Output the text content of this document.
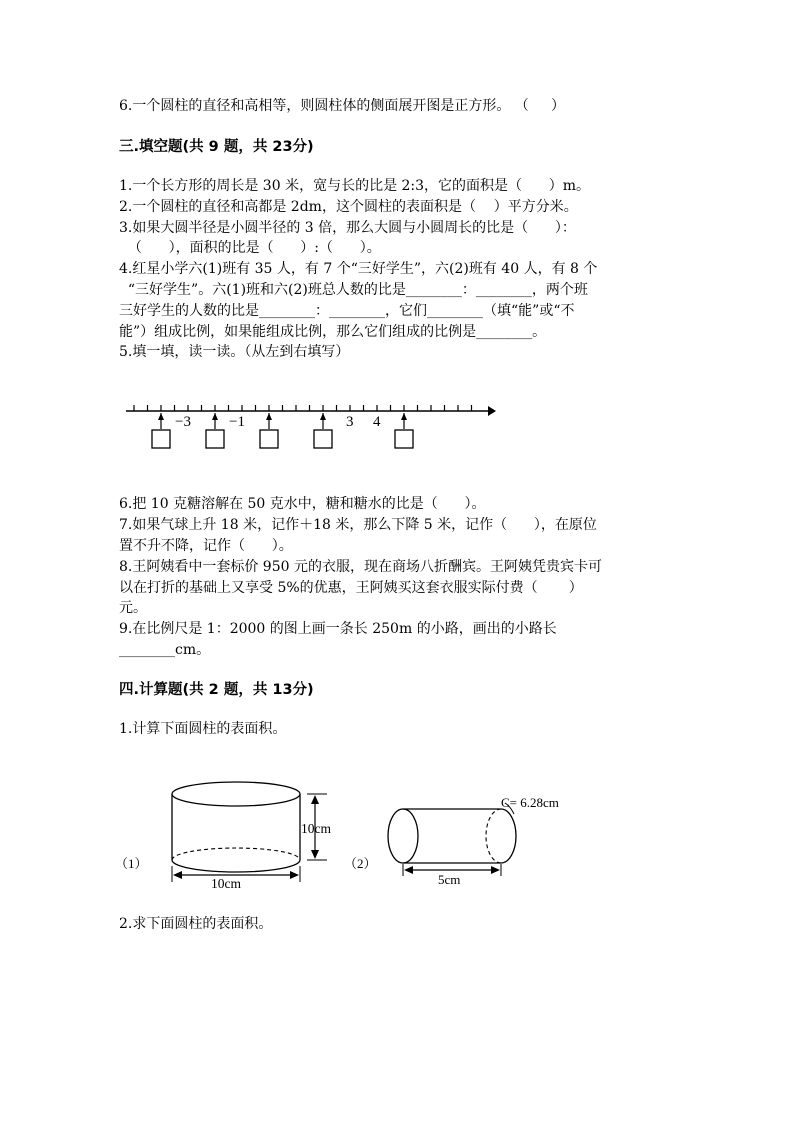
6.一个圆柱的直径和高相等，则圆柱体的侧面展开图是正方形。 （     ）
三.填空题(共 9 题，共 23分)
1.一个长方形的周长是 30 米，宽与长的比是 2:3，它的面积是（      ）m。
2.一个圆柱的直径和高都是 2dm，这个圆柱的表面积是（    ）平方分米。
3.如果大圆半径是小圆半径的 3 倍，那么大圆与小圆周长的比是（      ）：
（      ），面积的比是（      ）:（      ）。
4.红星小学六(1)班有 35 人，有 7 个“三好学生”，六(2)班有 40 人，有 8 个
“三好学生”。六(1)班和六(2)班总人数的比是________：________，两个班
三好学生的人数的比是________：________，它们________（填“能”或“不
能”）组成比例，如果能组成比例，那么它们组成的比例是________。
5.填一填，读一读。（从左到右填写）
−3	−1	3 4
6.把 10 克糖溶解在 50 克水中，糖和糖水的比是（      ）。
7.如果气球上升 18 米，记作＋18 米，那么下降 5 米，记作（      ），在原位
置不升不降，记作（      ）。
8.王阿姨看中一套标价 950 元的衣服，现在商场八折酬宾。王阿姨凭贵宾卡可
以在打折的基础上又享受 5%的优惠，王阿姨买这套衣服实际付费（       ）
元。
9.在比例尺是 1：2000 的图上画一条长 250m 的小路，画出的小路长
________cm。
四.计算题(共 2 题，共 13分)
1.计算下面圆柱的表面积。
10cm
10cm
（1）
C= 6.28cm
5cm
（2）
2.求下面圆柱的表面积。
